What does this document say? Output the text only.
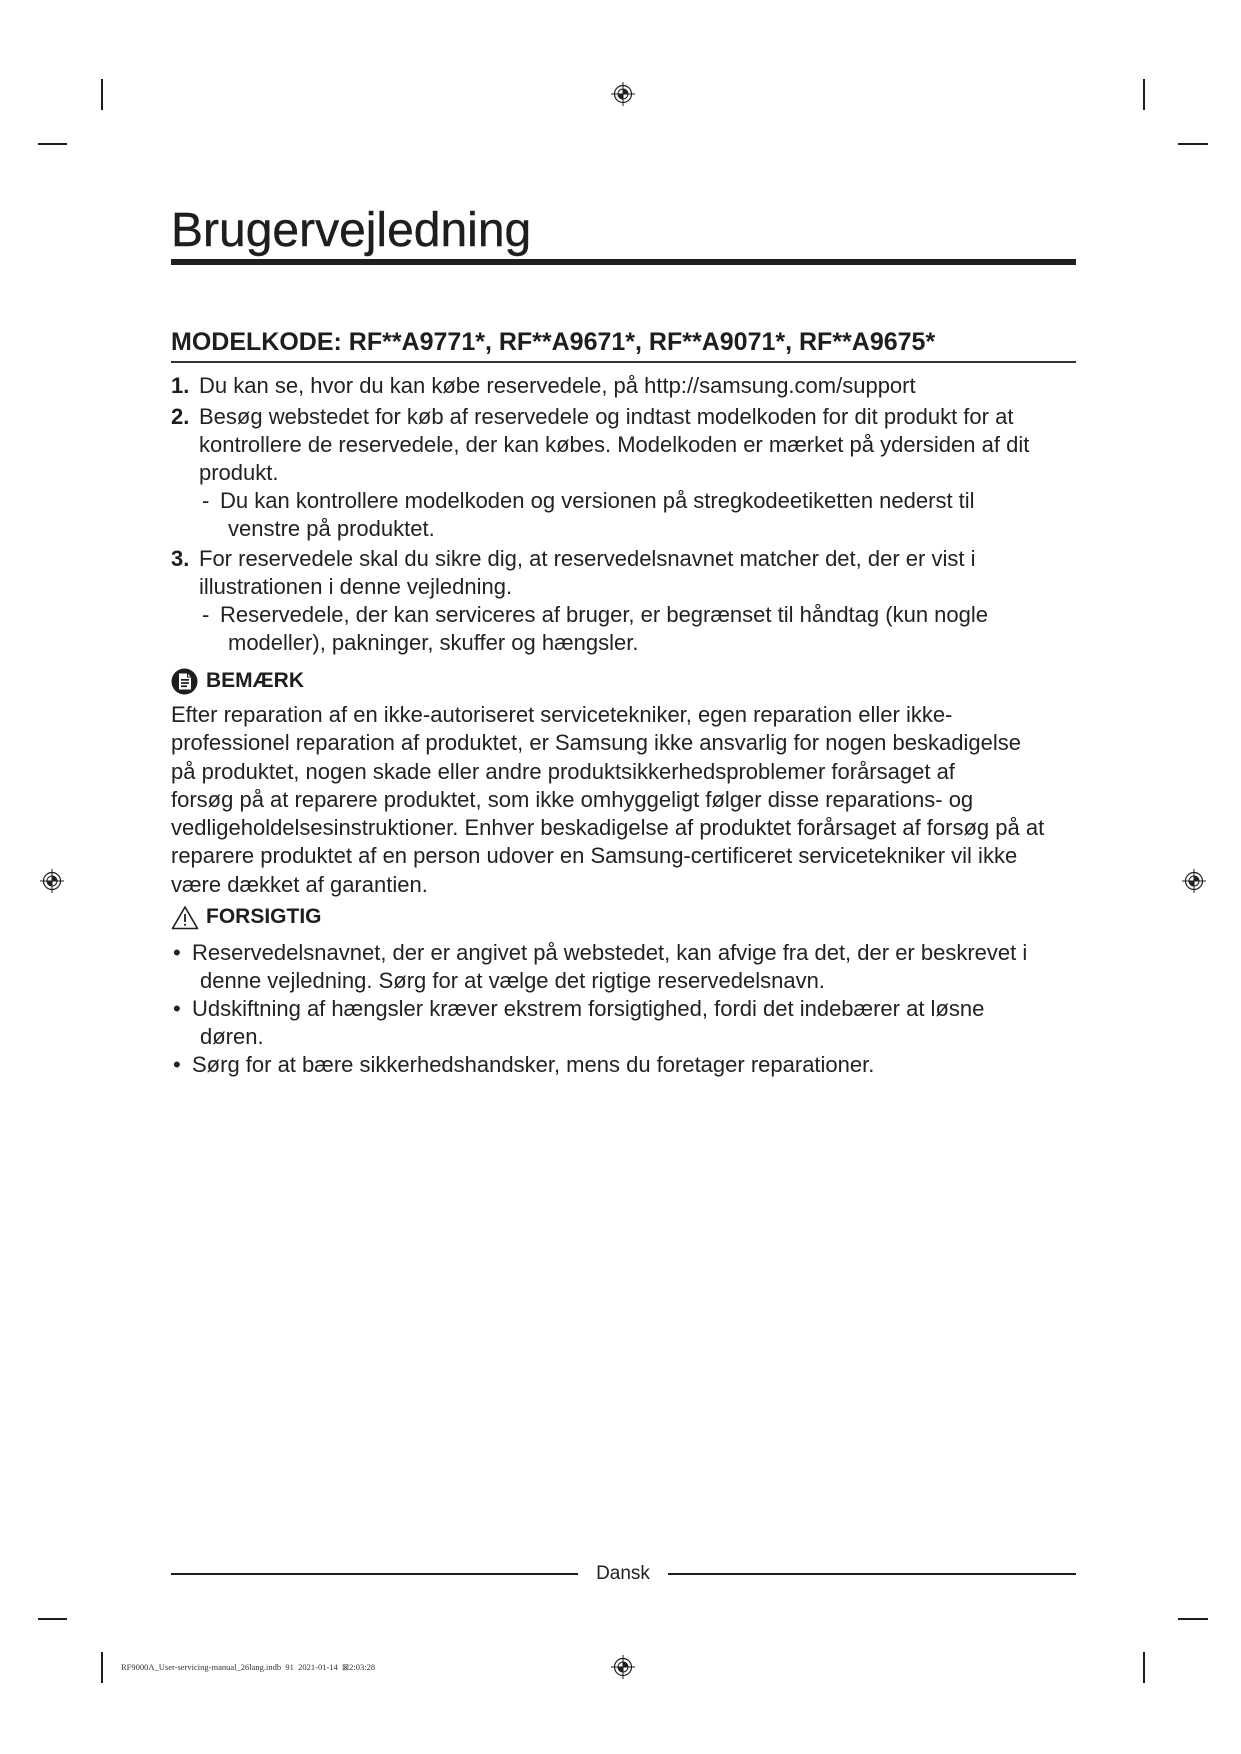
Brugervejledning
MODELKODE: RF**A9771*, RF**A9671*, RF**A9071*, RF**A9675*
1. Du kan se, hvor du kan købe reservedele, på http://samsung.com/support
2. Besøg webstedet for køb af reservedele og indtast modelkoden for dit produkt for at
kontrollere de reservedele, der kan købes. Modelkoden er mærket på ydersiden af dit
produkt.
- Du kan kontrollere modelkoden og versionen på stregkodeetiketten nederst til
venstre på produktet.
3. For reservedele skal du sikre dig, at reservedelsnavnet matcher det, der er vist i
illustrationen i denne vejledning.
- Reservedele, der kan serviceres af bruger, er begrænset til håndtag (kun nogle
modeller), pakninger, skuffer og hængsler.
BEMÆRK
Efter reparation af en ikke-autoriseret servicetekniker, egen reparation eller ikke-
professionel reparation af produktet, er Samsung ikke ansvarlig for nogen beskadigelse
på produktet, nogen skade eller andre produktsikkerhedsproblemer forårsaget af
forsøg på at reparere produktet, som ikke omhyggeligt følger disse reparations- og
vedligeholdelsesinstruktioner. Enhver beskadigelse af produktet forårsaget af forsøg på at
reparere produktet af en person udover en Samsung-certificeret servicetekniker vil ikke
være dækket af garantien.
FORSIGTIG
• Reservedelsnavnet, der er angivet på webstedet, kan afvige fra det, der er beskrevet i
denne vejledning. Sørg for at vælge det rigtige reservedelsnavn.
• Udskiftning af hængsler kræver ekstrem forsigtighed, fordi det indebærer at løsne
døren.
• Sørg for at bære sikkerhedshandsker, mens du foretager reparationer.
Dansk
RF9000A_User-servicing-manual_26lang.indb  91  2021-01-14  ⊠2:03:28
